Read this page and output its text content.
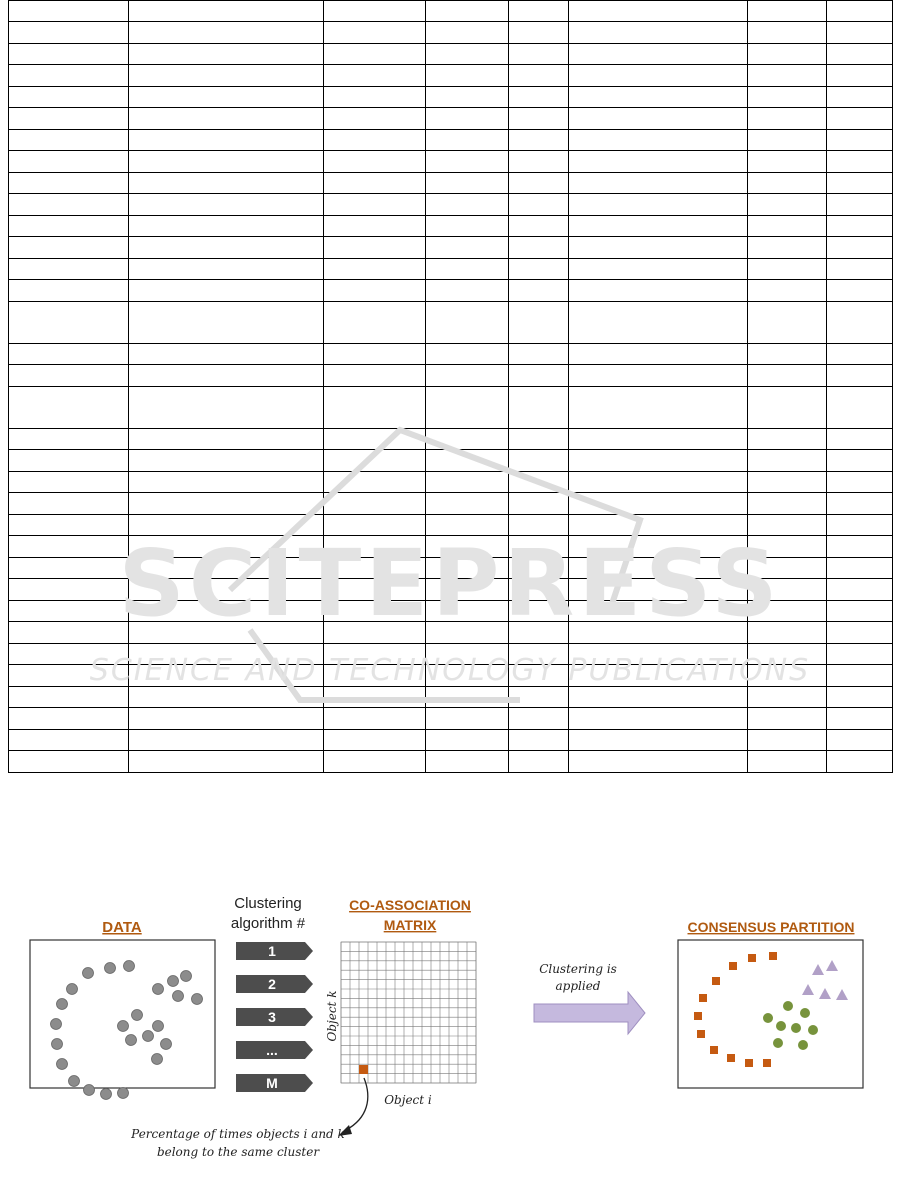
SCITEPRESS
SCIENCE AND TECHNOLOGY PUBLICATIONS
DATA
Clustering
algorithm #
1
2
3
...
M
CO-ASSOCIATION
MATRIX
Object k
Object i
Percentage of times objects i and k
belong to the same cluster
Clustering is
applied
CONSENSUS PARTITION
